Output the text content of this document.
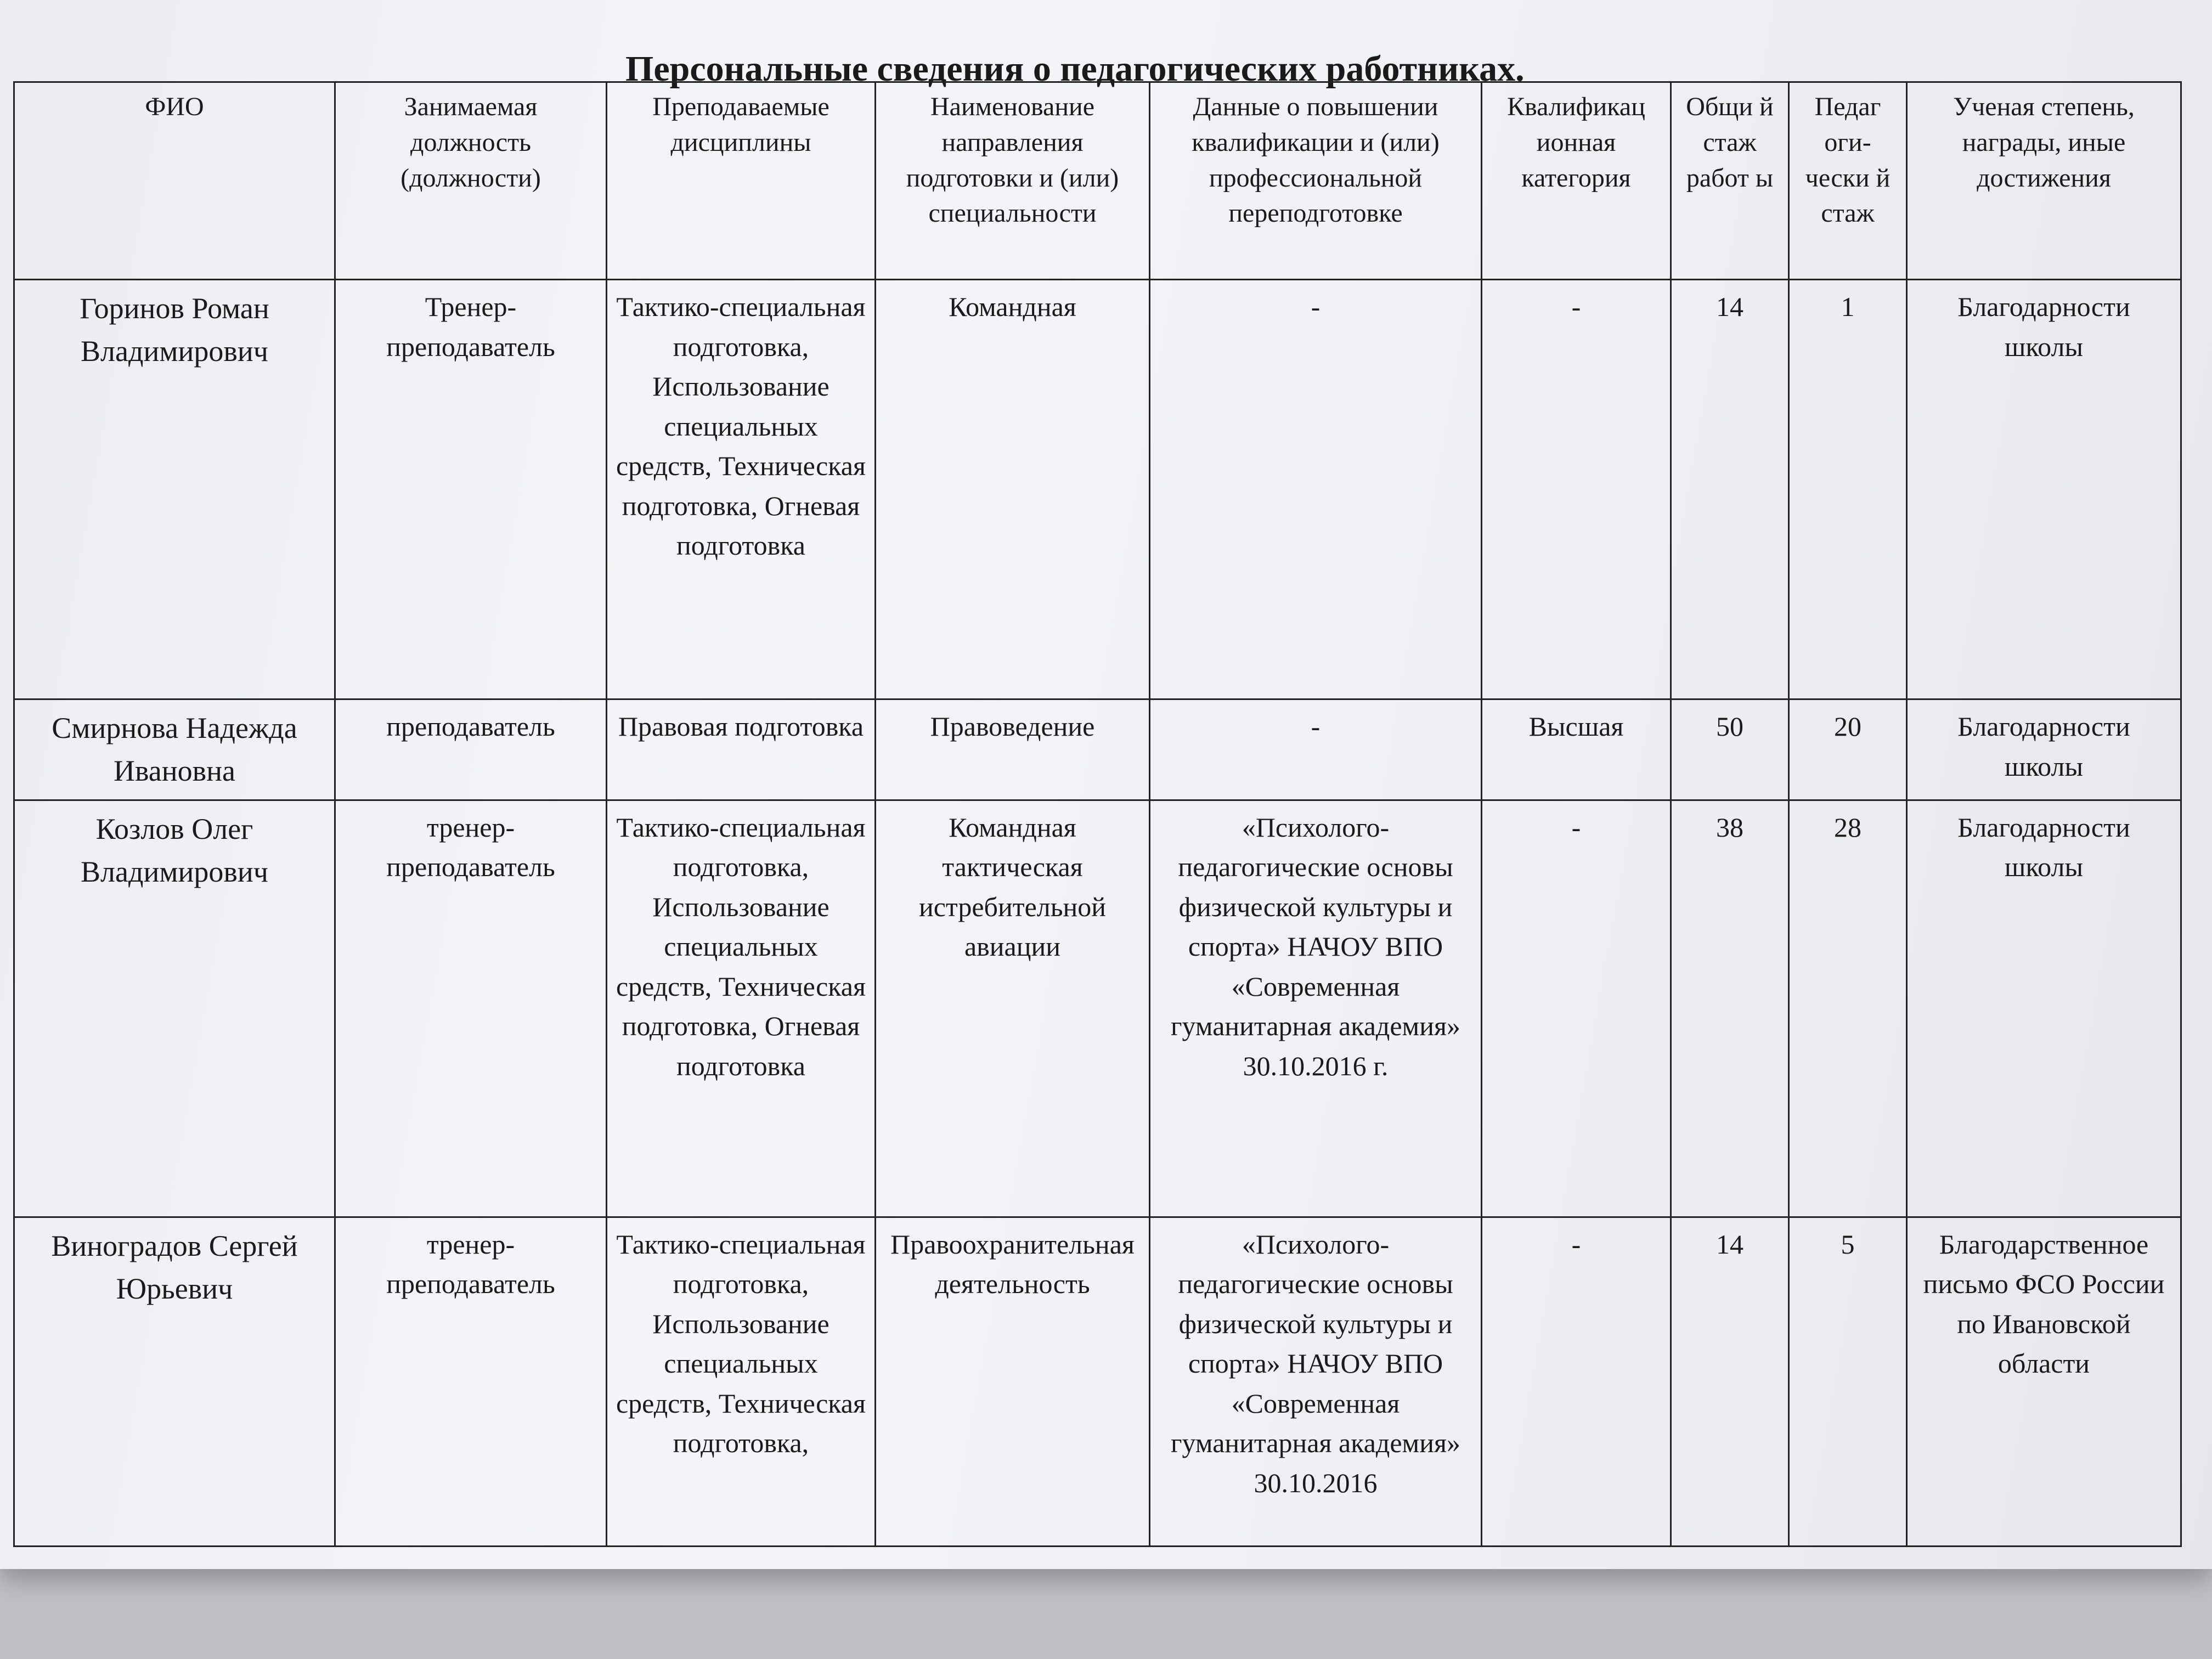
Персональные сведения о педагогических работниках.
ФИО	Занимаемая должность (должности)	Преподаваемые дисциплины	Наименование направления подготовки и (или) специальности	Данные о повышении квалификации и (или) профессиональной переподготовке	Квалификац ионная категория	Общи й стаж работ ы	Педаг оги- чески й стаж	Ученая степень, награды, иные достижения
Горинов Роман Владимирович	Тренер-преподаватель	Тактико-специальная подготовка, Использование специальных средств, Техническая подготовка, Огневая подготовка	Командная	-	-	14	1	Благодарности школы
Смирнова Надежда Ивановна	преподаватель	Правовая подготовка	Правоведение	-	Высшая	50	20	Благодарности школы
Козлов Олег Владимирович	тренер-преподаватель	Тактико-специальная подготовка, Использование специальных средств, Техническая подготовка, Огневая подготовка	Командная тактическая истребительной авиации	«Психолого-педагогические основы физической культуры и спорта» НАЧОУ ВПО «Современная гуманитарная академия» 30.10.2016 г.	-	38	28	Благодарности школы
Виноградов Сергей Юрьевич	тренер-преподаватель	Тактико-специальная подготовка, Использование специальных средств, Техническая подготовка,	Правоохранительная деятельность	«Психолого-педагогические основы физической культуры и спорта» НАЧОУ ВПО «Современная гуманитарная академия» 30.10.2016	-	14	5	Благодарственное письмо ФСО России по Ивановской области
